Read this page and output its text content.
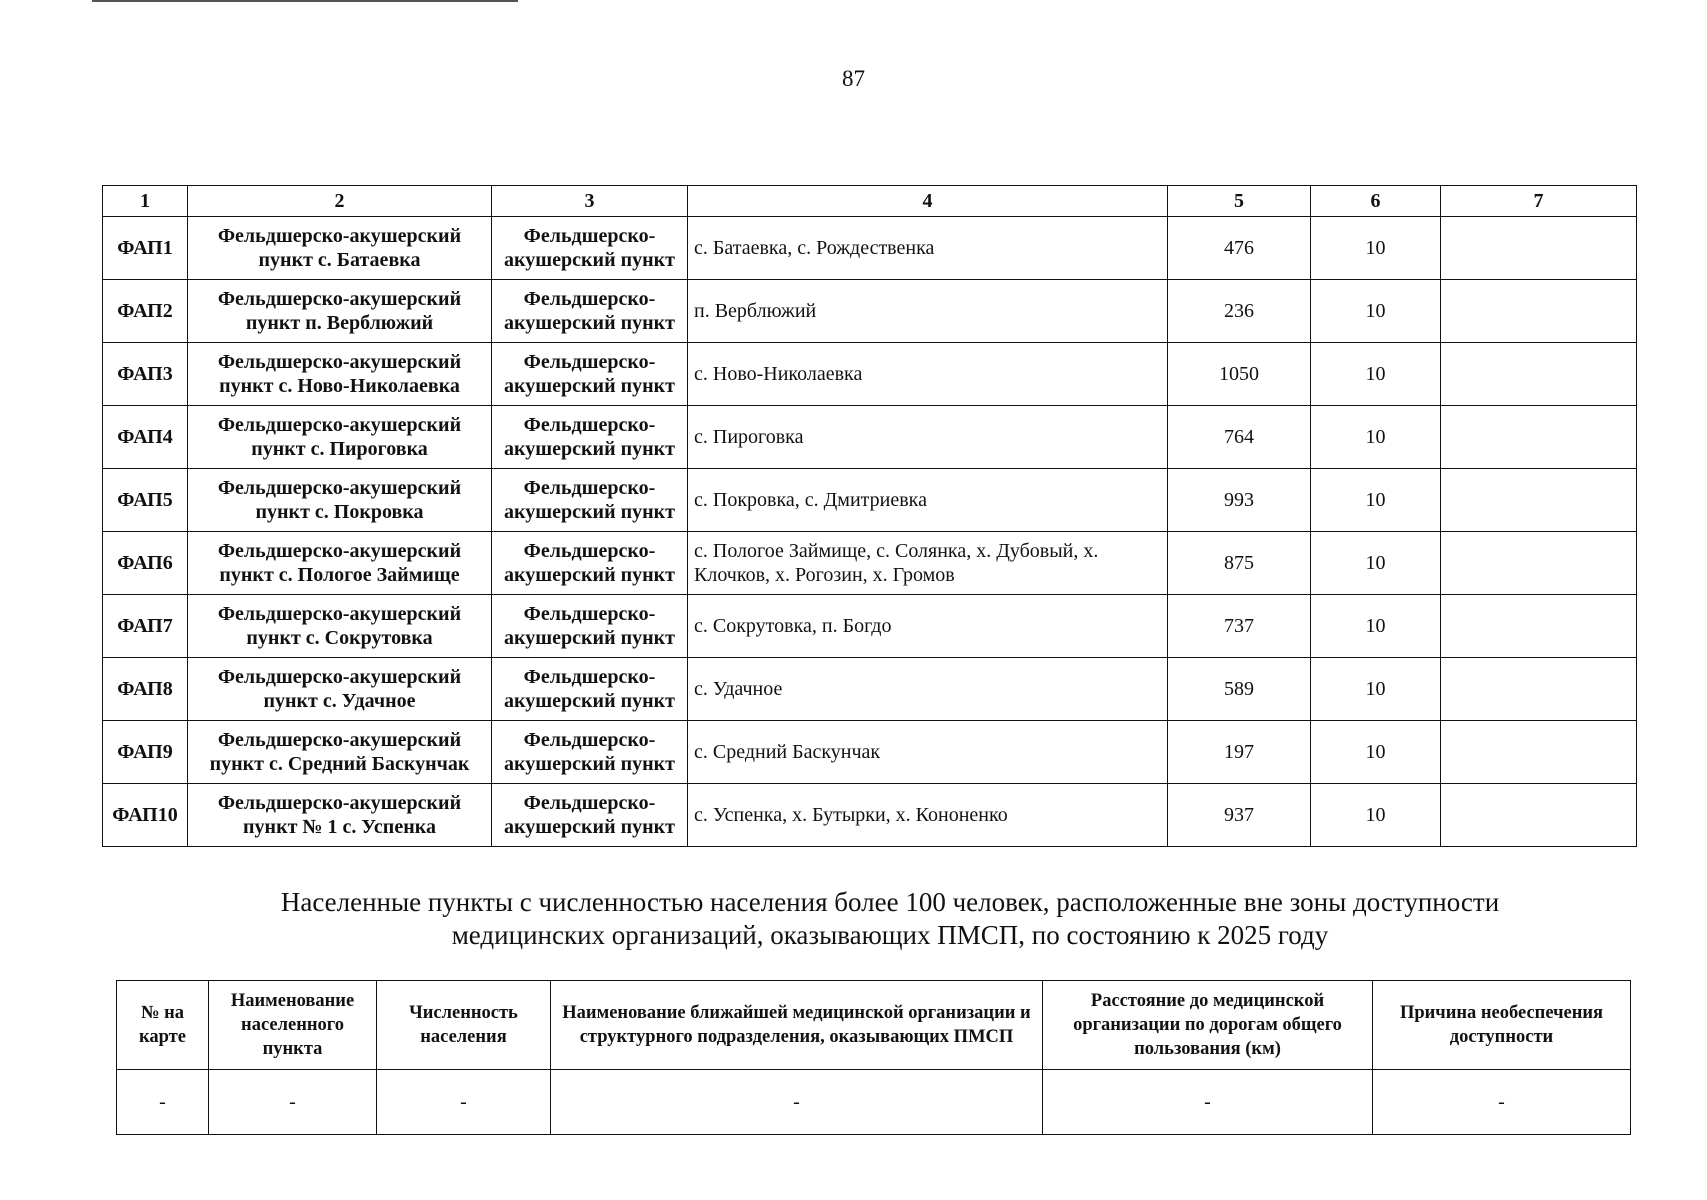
87
1	2	3	4	5	6	7
ФАП1	Фельдшерско-акушерский пункт с. Батаевка	Фельдшерско-акушерский пункт	с. Батаевка, с. Рождественка	476	10	
ФАП2	Фельдшерско-акушерский пункт п. Верблюжий	Фельдшерско-акушерский пункт	п. Верблюжий	236	10	
ФАП3	Фельдшерско-акушерский пункт с. Ново-Николаевка	Фельдшерско-акушерский пункт	с. Ново-Николаевка	1050	10	
ФАП4	Фельдшерско-акушерский пункт с. Пироговка	Фельдшерско-акушерский пункт	с. Пироговка	764	10	
ФАП5	Фельдшерско-акушерский пункт с. Покровка	Фельдшерско-акушерский пункт	с. Покровка, с. Дмитриевка	993	10	
ФАП6	Фельдшерско-акушерский пункт с. Пологое Займище	Фельдшерско-акушерский пункт	с. Пологое Займище, с. Солянка, х. Дубовый, х. Клочков, х. Рогозин, х. Громов	875	10	
ФАП7	Фельдшерско-акушерский пункт с. Сокрутовка	Фельдшерско-акушерский пункт	с. Сокрутовка, п. Богдо	737	10	
ФАП8	Фельдшерско-акушерский пункт с. Удачное	Фельдшерско-акушерский пункт	с. Удачное	589	10	
ФАП9	Фельдшерско-акушерский пункт с. Средний Баскунчак	Фельдшерско-акушерский пункт	с. Средний Баскунчак	197	10	
ФАП10	Фельдшерско-акушерский пункт № 1 с. Успенка	Фельдшерско-акушерский пункт	с. Успенка, х. Бутырки, х. Кононенко	937	10	
Населенные пункты с численностью населения более 100 человек, расположенные вне зоны доступности
медицинских организаций, оказывающих ПМСП, по состоянию к 2025 году
№ на карте	Наименование населенного пункта	Численность населения	Наименование ближайшей медицинской организации и структурного подразделения, оказывающих ПМСП	Расстояние до медицинской организации по дорогам общего пользования (км)	Причина необеспечения доступности
-	-	-	-	-	-
